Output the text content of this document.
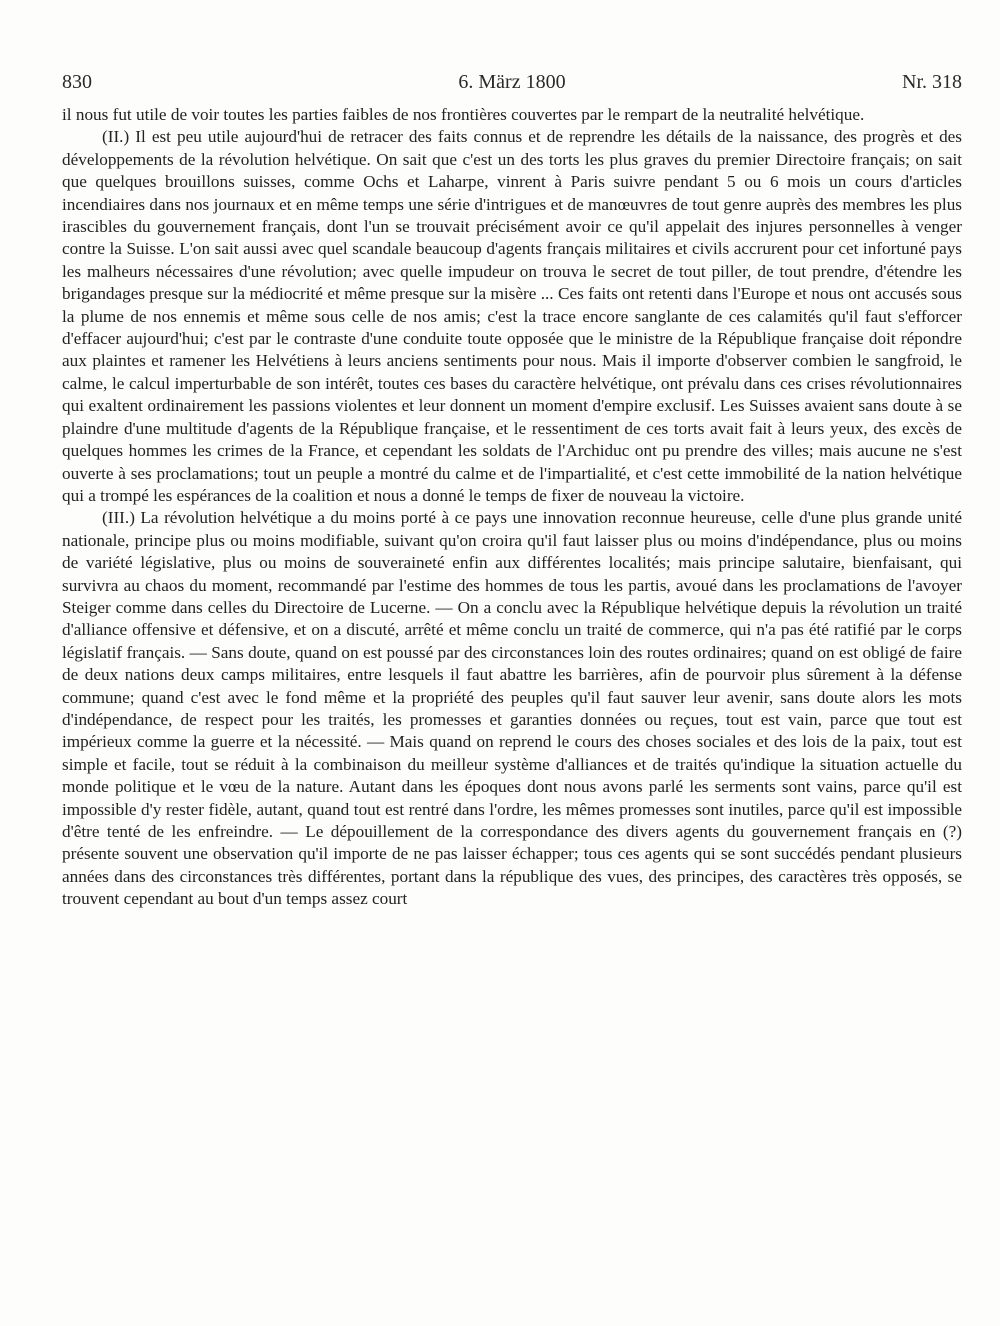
830	6. März 1800	Nr. 318

il nous fut utile de voir toutes les parties faibles de nos frontières couvertes par le rempart de la neutralité helvétique.

(II.) Il est peu utile aujourd'hui de retracer des faits connus et de reprendre les détails de la naissance, des progrès et des développements de la révolution helvétique. On sait que c'est un des torts les plus graves du premier Directoire français; on sait que quelques brouillons suisses, comme Ochs et Laharpe, vinrent à Paris suivre pendant 5 ou 6 mois un cours d'articles incendiaires dans nos journaux et en même temps une série d'intrigues et de manœuvres de tout genre auprès des membres les plus irascibles du gouvernement français, dont l'un se trouvait précisément avoir ce qu'il appelait des injures personnelles à venger contre la Suisse. L'on sait aussi avec quel scandale beaucoup d'agents français militaires et civils accrurent pour cet infortuné pays les malheurs nécessaires d'une révolution; avec quelle impudeur on trouva le secret de tout piller, de tout prendre, d'étendre les brigandages presque sur la médiocrité et même presque sur la misère ... Ces faits ont retenti dans l'Europe et nous ont accusés sous la plume de nos ennemis et même sous celle de nos amis; c'est la trace encore sanglante de ces calamités qu'il faut s'efforcer d'effacer aujourd'hui; c'est par le contraste d'une conduite toute opposée que le ministre de la République française doit répondre aux plaintes et ramener les Helvétiens à leurs anciens sentiments pour nous. Mais il importe d'observer combien le sangfroid, le calme, le calcul imperturbable de son intérêt, toutes ces bases du caractère helvétique, ont prévalu dans ces crises révolutionnaires qui exaltent ordinairement les passions violentes et leur donnent un moment d'empire exclusif. Les Suisses avaient sans doute à se plaindre d'une multitude d'agents de la République française, et le ressentiment de ces torts avait fait à leurs yeux, des excès de quelques hommes les crimes de la France, et cependant les soldats de l'Archiduc ont pu prendre des villes; mais aucune ne s'est ouverte à ses proclamations; tout un peuple a montré du calme et de l'impartialité, et c'est cette immobilité de la nation helvétique qui a trompé les espérances de la coalition et nous a donné le temps de fixer de nouveau la victoire.

(III.) La révolution helvétique a du moins porté à ce pays une innovation reconnue heureuse, celle d'une plus grande unité nationale, principe plus ou moins modifiable, suivant qu'on croira qu'il faut laisser plus ou moins d'indépendance, plus ou moins de variété législative, plus ou moins de souveraineté enfin aux différentes localités; mais principe salutaire, bienfaisant, qui survivra au chaos du moment, recommandé par l'estime des hommes de tous les partis, avoué dans les proclamations de l'avoyer Steiger comme dans celles du Directoire de Lucerne. — On a conclu avec la République helvétique depuis la révolution un traité d'alliance offensive et défensive, et on a discuté, arrêté et même conclu un traité de commerce, qui n'a pas été ratifié par le corps législatif français. — Sans doute, quand on est poussé par des circonstances loin des routes ordinaires; quand on est obligé de faire de deux nations deux camps militaires, entre lesquels il faut abattre les barrières, afin de pourvoir plus sûrement à la défense commune; quand c'est avec le fond même et la propriété des peuples qu'il faut sauver leur avenir, sans doute alors les mots d'indépendance, de respect pour les traités, les promesses et garanties données ou reçues, tout est vain, parce que tout est impérieux comme la guerre et la nécessité. — Mais quand on reprend le cours des choses sociales et des lois de la paix, tout est simple et facile, tout se réduit à la combinaison du meilleur système d'alliances et de traités qu'indique la situation actuelle du monde politique et le vœu de la nature. Autant dans les époques dont nous avons parlé les serments sont vains, parce qu'il est impossible d'y rester fidèle, autant, quand tout est rentré dans l'ordre, les mêmes promesses sont inutiles, parce qu'il est impossible d'être tenté de les enfreindre. — Le dépouillement de la correspondance des divers agents du gouvernement français en (?) présente souvent une observation qu'il importe de ne pas laisser échapper; tous ces agents qui se sont succédés pendant plusieurs années dans des circonstances très différentes, portant dans la république des vues, des principes, des caractères très opposés, se trouvent cependant au bout d'un temps assez court
